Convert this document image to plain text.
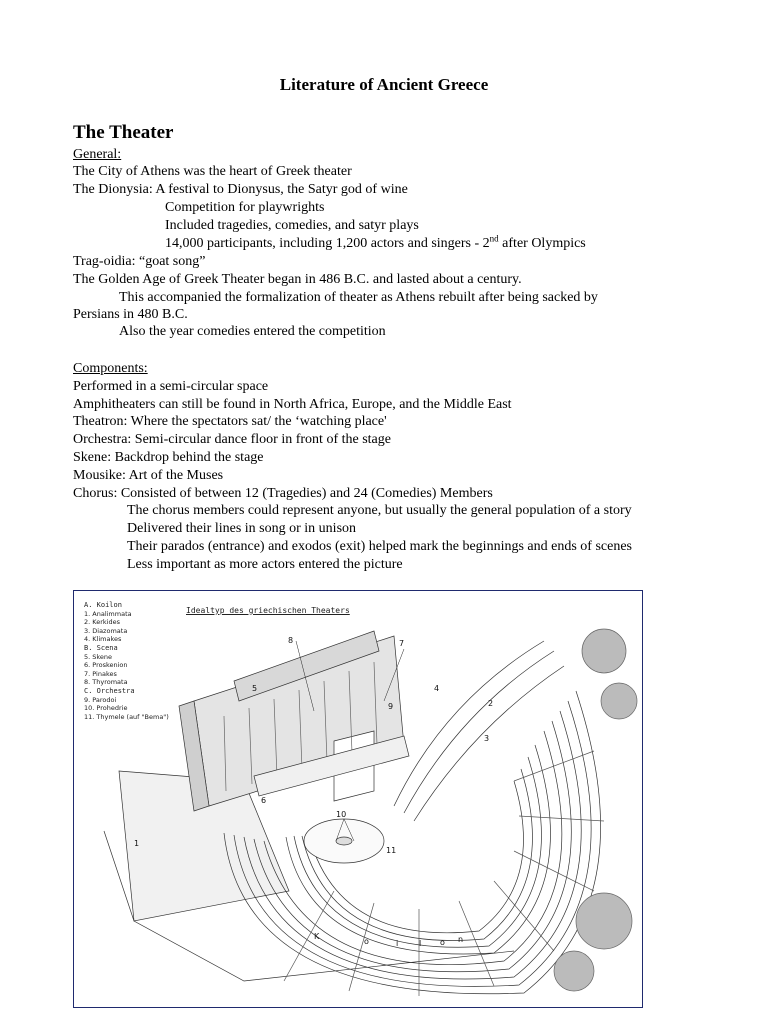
Literature of Ancient Greece
The Theater
General:
The City of Athens was the heart of Greek theater
The Dionysia: A festival to Dionysus, the Satyr god of wine
Competition for playwrights
Included tragedies, comedies, and satyr plays
14,000 participants, including 1,200 actors and singers - 2nd after Olympics
Trag-oidia: “goat song”
The Golden Age of Greek Theater began in 486 B.C. and lasted about a century.
This accompanied the formalization of theater as Athens rebuilt after being sacked by
Persians in 480 B.C.
Also the year comedies entered the competition
Components:
Performed in a semi-circular space
Amphitheaters can still be found in North Africa, Europe, and the Middle East
Theatron: Where the spectators sat/ the ‘watching place'
Orchestra: Semi-circular dance floor in front of the stage
Skene: Backdrop behind the stage
Mousike: Art of the Muses
Chorus: Consisted of between 12 (Tragedies) and 24 (Comedies) Members
The chorus members could represent anyone, but usually the general population of a story
Delivered their lines in song or in unison
Their parados (entrance) and exodos (exit) helped mark the beginnings and ends of scenes
Less important as more actors entered the picture
1
2
3
4
5
6
7
8
9
10
11
K
o	i	l o n
Idealtyp des griechischen Theaters
A. Koilon
1. Analimmata
2. Kerkides
3. Diazomata
4. Klimakes
B. Scena
5. Skene
6. Proskenion
7. Pinakes
8. Thyromata
C. Orchestra
9. Parodoi
10. Prohedrie
11. Thymele (auf "Bema")
